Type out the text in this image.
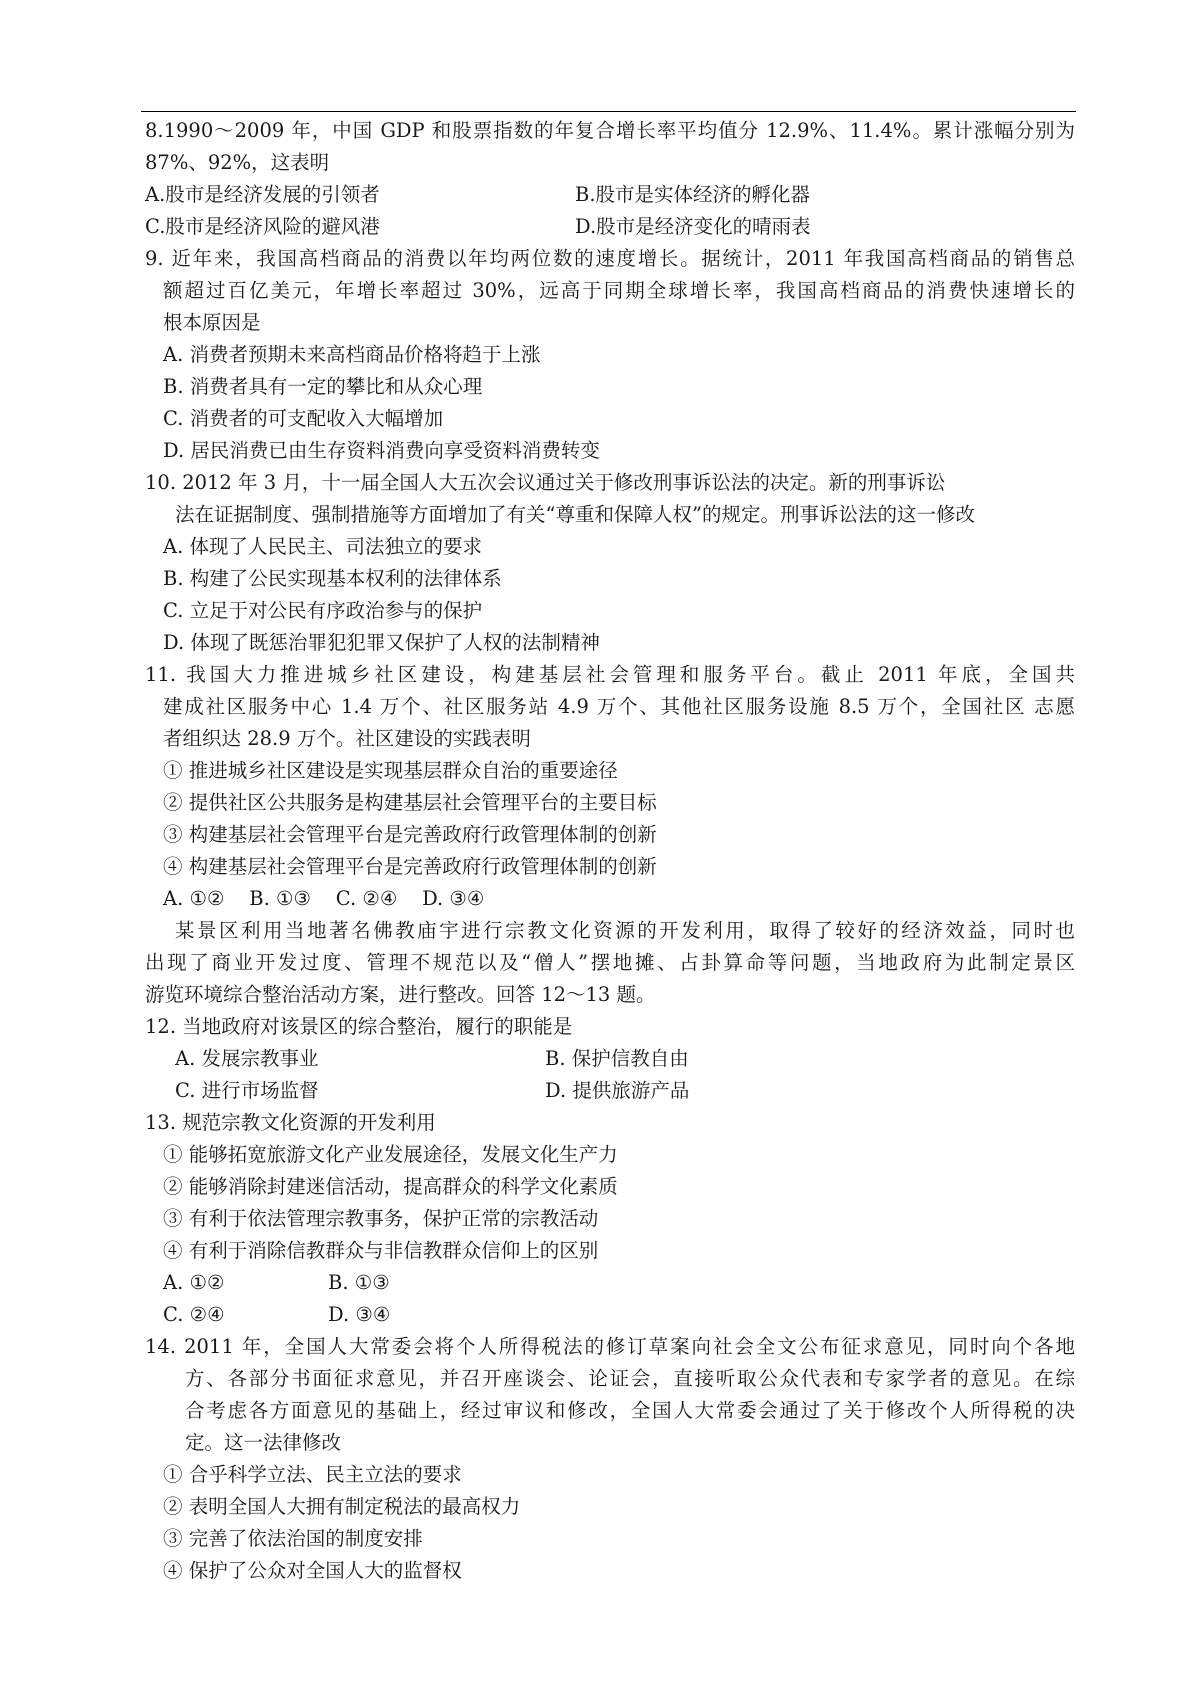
8.1990～2009 年，中国 GDP 和股票指数的年复合增长率平均值分 12.9%、11.4%。累计涨幅分别为
87%、92%，这表明
A.股市是经济发展的引领者	B.股市是实体经济的孵化器
C.股市是经济风险的避风港	D.股市是经济变化的晴雨表
9. 近年来，我国高档商品的消费以年均两位数的速度增长。据统计，2011 年我国高档商品的销售总
额超过百亿美元，年增长率超过 30%，远高于同期全球增长率，我国高档商品的消费快速增长的
根本原因是
A. 消费者预期未来高档商品价格将趋于上涨
B. 消费者具有一定的攀比和从众心理
C. 消费者的可支配收入大幅增加
D. 居民消费已由生存资料消费向享受资料消费转变
10. 2012 年 3 月，十一届全国人大五次会议通过关于修改刑事诉讼法的决定。新的刑事诉讼
法在证据制度、强制措施等方面增加了有关“尊重和保障人权”的规定。刑事诉讼法的这一修改
A. 体现了人民民主、司法独立的要求
B. 构建了公民实现基本权利的法律体系
C. 立足于对公民有序政治参与的保护
D. 体现了既惩治罪犯犯罪又保护了人权的法制精神
11. 我国大力推进城乡社区建设，构建基层社会管理和服务平台。截止 2011 年底，全国共
建成社区服务中心 1.4 万个、社区服务站 4.9 万个、其他社区服务设施 8.5 万个，全国社区 志愿
者组织达 28.9 万个。社区建设的实践表明
① 推进城乡社区建设是实现基层群众自治的重要途径
② 提供社区公共服务是构建基层社会管理平台的主要目标
③ 构建基层社会管理平台是完善政府行政管理体制的创新
④ 构建基层社会管理平台是完善政府行政管理体制的创新
A. ①②    B. ①③    C. ②④    D. ③④
某景区利用当地著名佛教庙宇进行宗教文化资源的开发利用，取得了较好的经济效益，同时也
出现了商业开发过度、管理不规范以及“僧人”摆地摊、占卦算命等问题，当地政府为此制定景区
游览环境综合整治活动方案，进行整改。回答 12～13 题。
12. 当地政府对该景区的综合整治，履行的职能是
A. 发展宗教事业	B. 保护信教自由
C. 进行市场监督	D. 提供旅游产品
13. 规范宗教文化资源的开发利用
① 能够拓宽旅游文化产业发展途径，发展文化生产力
② 能够消除封建迷信活动，提高群众的科学文化素质
③ 有利于依法管理宗教事务，保护正常的宗教活动
④ 有利于消除信教群众与非信教群众信仰上的区别
A. ①②	B. ①③
C. ②④	D. ③④
14. 2011 年，全国人大常委会将个人所得税法的修订草案向社会全文公布征求意见，同时向个各地
方、各部分书面征求意见，并召开座谈会、论证会，直接听取公众代表和专家学者的意见。在综
合考虑各方面意见的基础上，经过审议和修改，全国人大常委会通过了关于修改个人所得税的决
定。这一法律修改
① 合乎科学立法、民主立法的要求
② 表明全国人大拥有制定税法的最高权力
③ 完善了依法治国的制度安排
④ 保护了公众对全国人大的监督权
